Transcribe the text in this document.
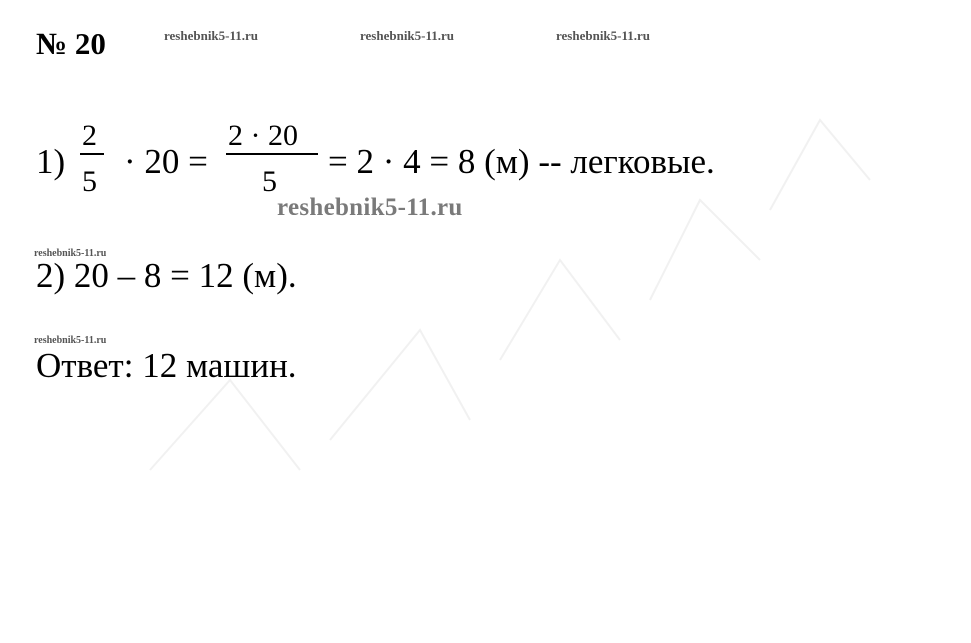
№ 20	reshebnik5-11.ru	reshebnik5-11.ru	reshebnik5-11.ru
1)
2
5
· 20 =
2 · 20
5
= 2 · 4 = 8 (м) -- легковые.
reshebnik5-11.ru
reshebnik5-11.ru
2) 20 – 8 = 12 (м).
reshebnik5-11.ru
Ответ: 12 машин.
